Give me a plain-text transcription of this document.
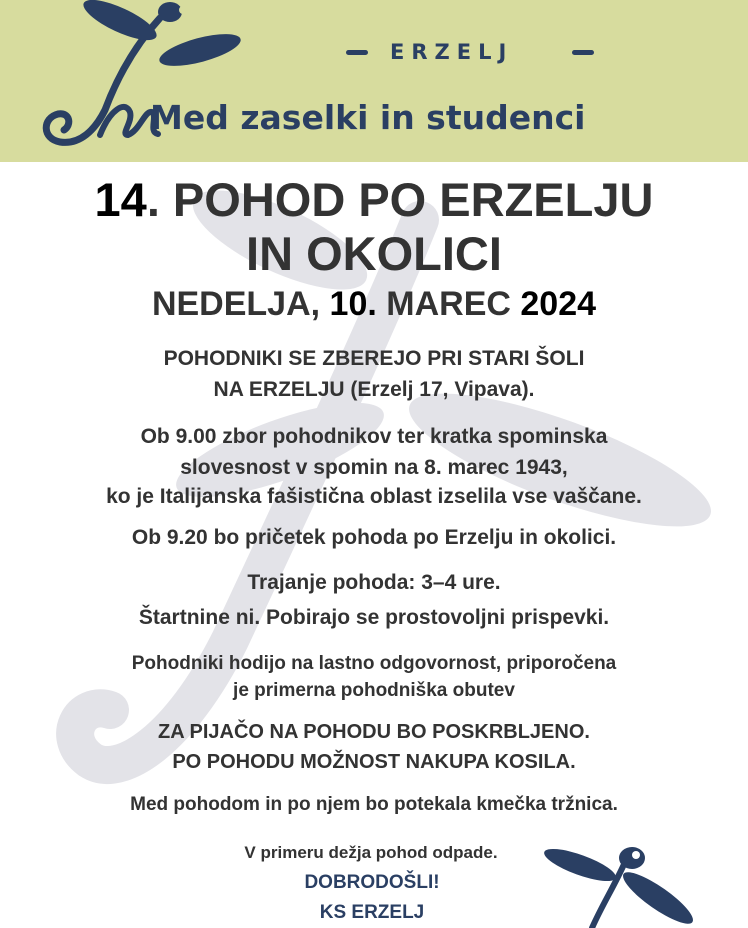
ERZELJ
Med zaselki in studenci
14. POHOD PO ERZELJU
IN OKOLICI
NEDELJA, 10. MAREC 2024
POHODNIKI SE ZBEREJO PRI STARI ŠOLI
NA ERZELJU (Erzelj 17, Vipava).
Ob 9.00 zbor pohodnikov ter kratka spominska
slovesnost v spomin na 8. marec 1943,
ko je Italijanska fašistična oblast izselila vse vaščane.
Ob 9.20 bo pričetek pohoda po Erzelju in okolici.
Trajanje pohoda: 3–4 ure.
Štartnine ni. Pobirajo se prostovoljni prispevki.
Pohodniki hodijo na lastno odgovornost, priporočena
je primerna pohodniška obutev
ZA PIJAČO NA POHODU BO POSKRBLJENO.
PO POHODU MOŽNOST NAKUPA KOSILA.
Med pohodom in po njem bo potekala kmečka tržnica.
V primeru dežja pohod odpade.
DOBRODOŠLI!
KS ERZELJ
